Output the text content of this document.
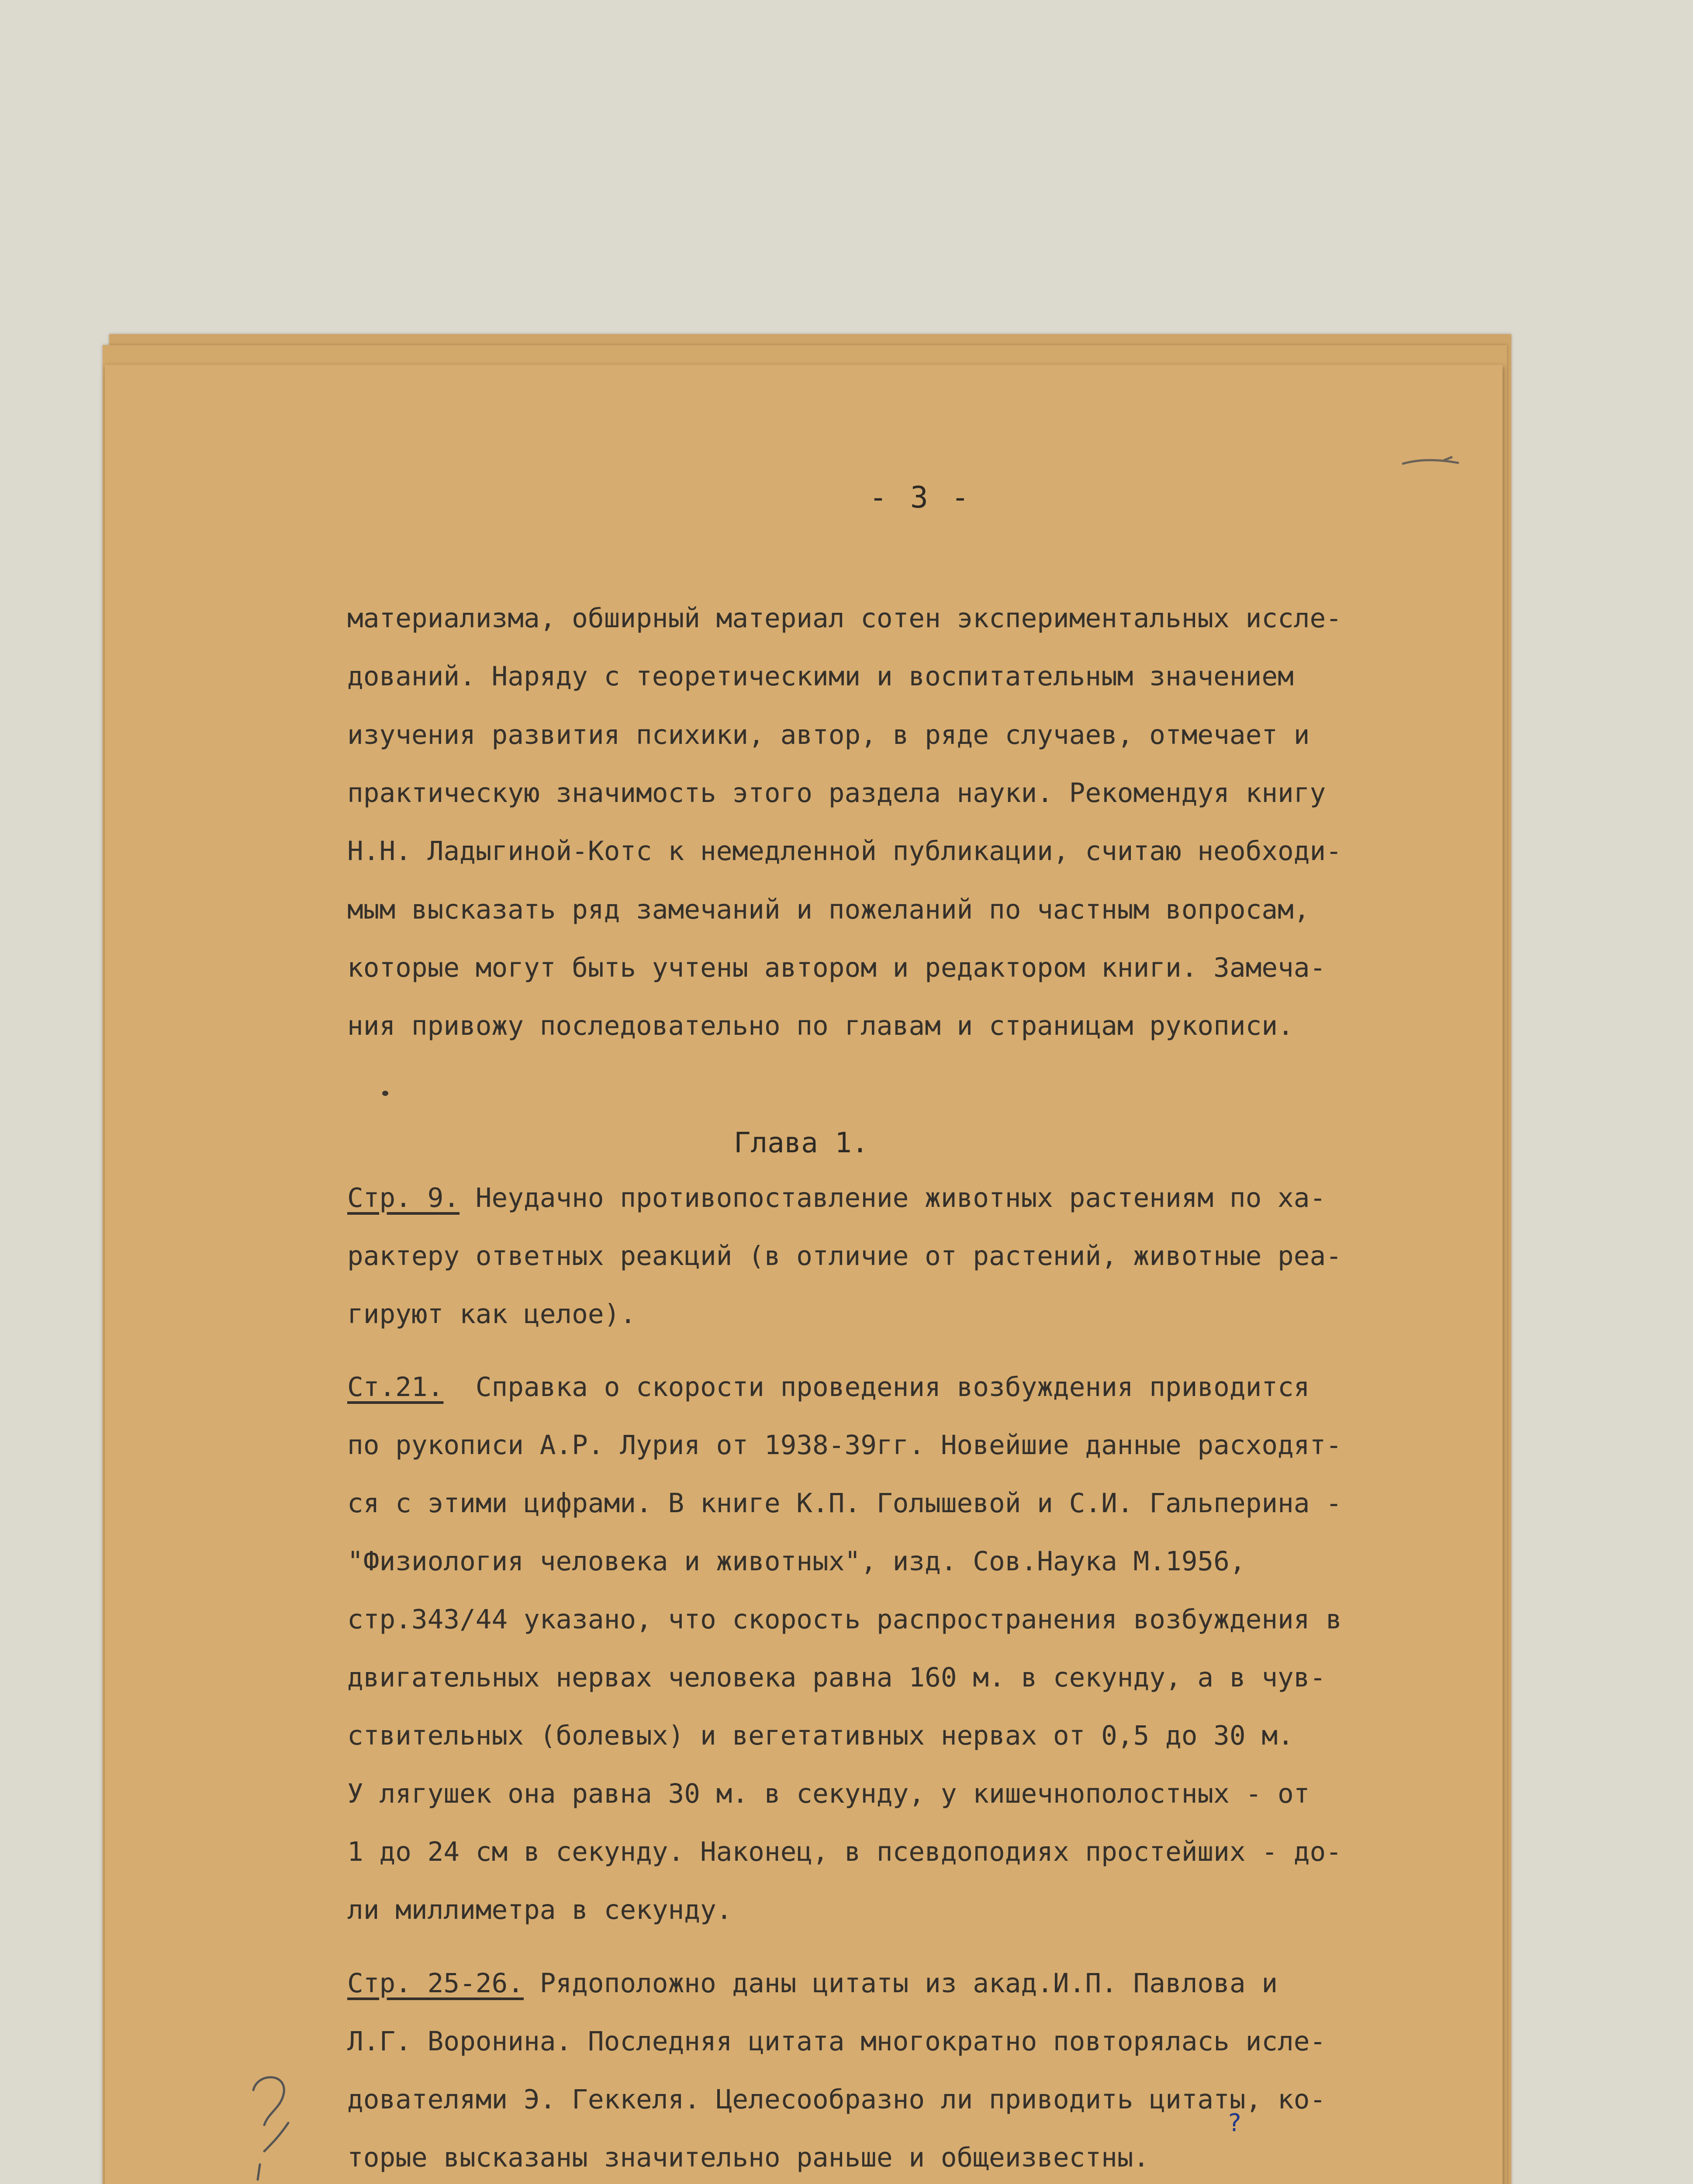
- 3 -
материализма, обширный материал сотен экспериментальных иссле-
дований. Наряду с теоретическими и воспитательным значением
изучения развития психики, автор, в ряде случаев, отмечает и
практическую значимость этого раздела науки. Рекомендуя книгу
Н.Н. Ладыгиной-Котс к немедленной публикации, считаю необходи-
мым высказать ряд замечаний и пожеланий по частным вопросам,
которые могут быть учтены автором и редактором книги. Замеча-
ния привожу последовательно по главам и страницам рукописи.
Глава 1.
Стр. 9. Неудачно противопоставление животных растениям по ха-
рактеру ответных реакций (в отличие от растений, животные реа-
гируют как целое).
Ст.21.  Справка о скорости проведения возбуждения приводится
по рукописи А.Р. Лурия от 1938-39гг. Новейшие данные расходят-
ся с этими цифрами. В книге К.П. Голышевой и С.И. Гальперина -
"Физиология человека и животных", изд. Сов.Наука М.1956,
стр.343/44 указано, что скорость распространения возбуждения в
двигательных нервах человека равна 160 м. в секунду, а в чув-
ствительных (болевых) и вегетативных нервах от 0,5 до 30 м.
У лягушек она равна 30 м. в секунду, у кишечнополостных - от
1 до 24 см в секунду. Наконец, в псевдоподиях простейших - до-
ли миллиметра в секунду.
Стр. 25-26. Рядоположно даны цитаты из акад.И.П. Павлова и
Л.Г. Воронина. Последняя цитата многократно повторялась исле-
дователями Э. Геккеля. Целесообразно ли приводить цитаты, ко-
торые высказаны значительно раньше и общеизвестны.
?
